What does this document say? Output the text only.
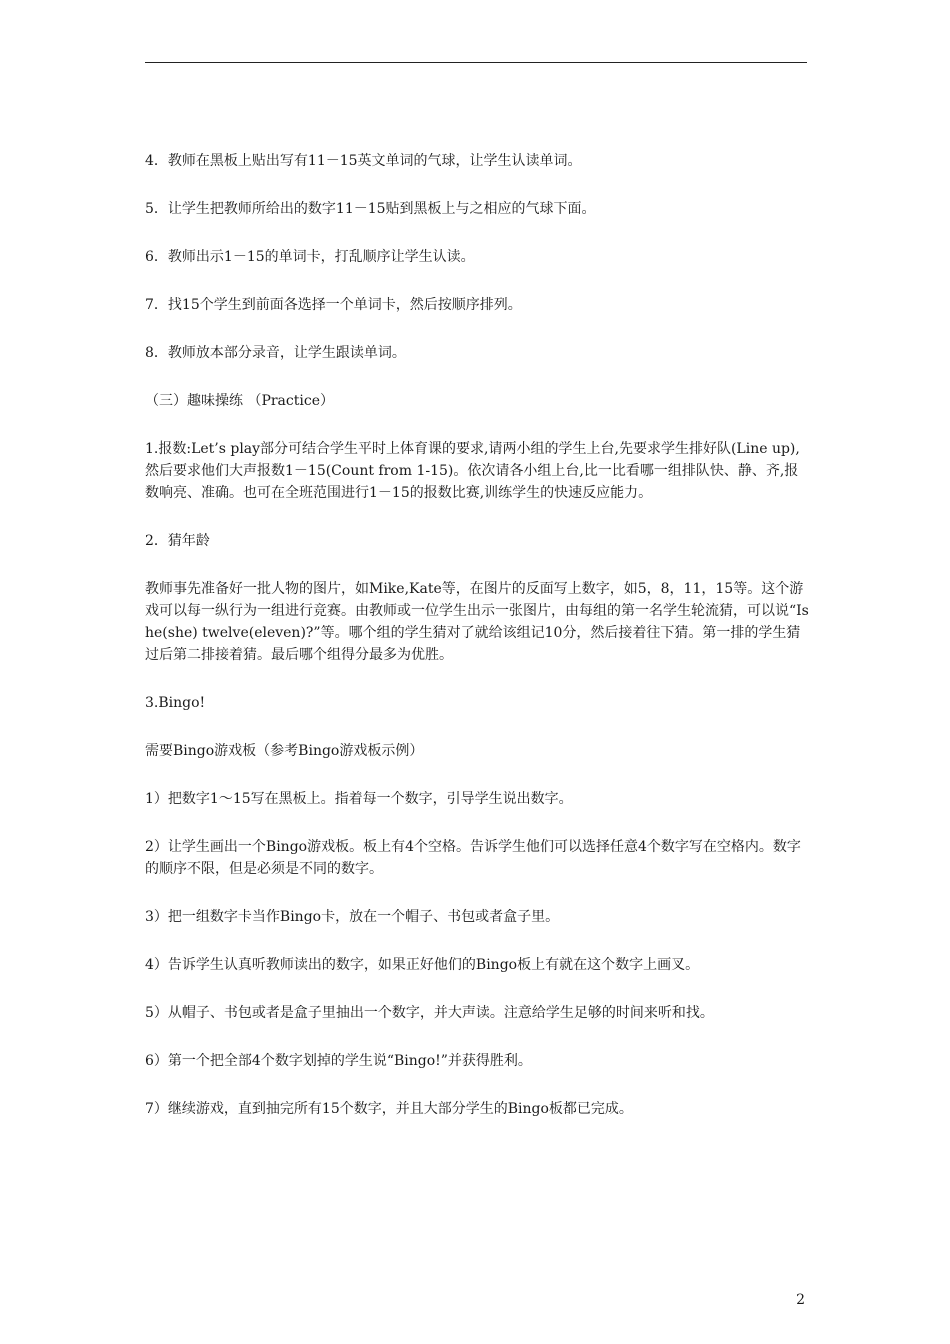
4．教师在黑板上贴出写有11－15英文单词的气球，让学生认读单词。

5．让学生把教师所给出的数字11－15贴到黑板上与之相应的气球下面。

6．教师出示1－15的单词卡，打乱顺序让学生认读。

7．找15个学生到前面各选择一个单词卡，然后按顺序排列。

8．教师放本部分录音，让学生跟读单词。

（三）趣味操练 （Practice）

1.报数:Let’s play部分可结合学生平时上体育课的要求,请两小组的学生上台,先要求学生排好队(Line up),然后要求他们大声报数1－15(Count from 1-15)。依次请各小组上台,比一比看哪一组排队快、静、齐,报数响亮、准确。也可在全班范围进行1－15的报数比赛,训练学生的快速反应能力。

2．猜年龄

教师事先准备好一批人物的图片，如Mike,Kate等，在图片的反面写上数字，如5，8，11，15等。这个游戏可以每一纵行为一组进行竞赛。由教师或一位学生出示一张图片，由每组的第一名学生轮流猜，可以说“Is he(she) twelve(eleven)?”等。哪个组的学生猜对了就给该组记10分，然后接着往下猜。第一排的学生猜过后第二排接着猜。最后哪个组得分最多为优胜。

3.Bingo!

需要Bingo游戏板（参考Bingo游戏板示例）

1）把数字1～15写在黑板上。指着每一个数字，引导学生说出数字。

2）让学生画出一个Bingo游戏板。板上有4个空格。告诉学生他们可以选择任意4个数字写在空格内。数字的顺序不限，但是必须是不同的数字。

3）把一组数字卡当作Bingo卡，放在一个帽子、书包或者盒子里。

4）告诉学生认真听教师读出的数字，如果正好他们的Bingo板上有就在这个数字上画叉。

5）从帽子、书包或者是盒子里抽出一个数字，并大声读。注意给学生足够的时间来听和找。

6）第一个把全部4个数字划掉的学生说“Bingo!”并获得胜利。

7）继续游戏，直到抽完所有15个数字，并且大部分学生的Bingo板都已完成。

2
